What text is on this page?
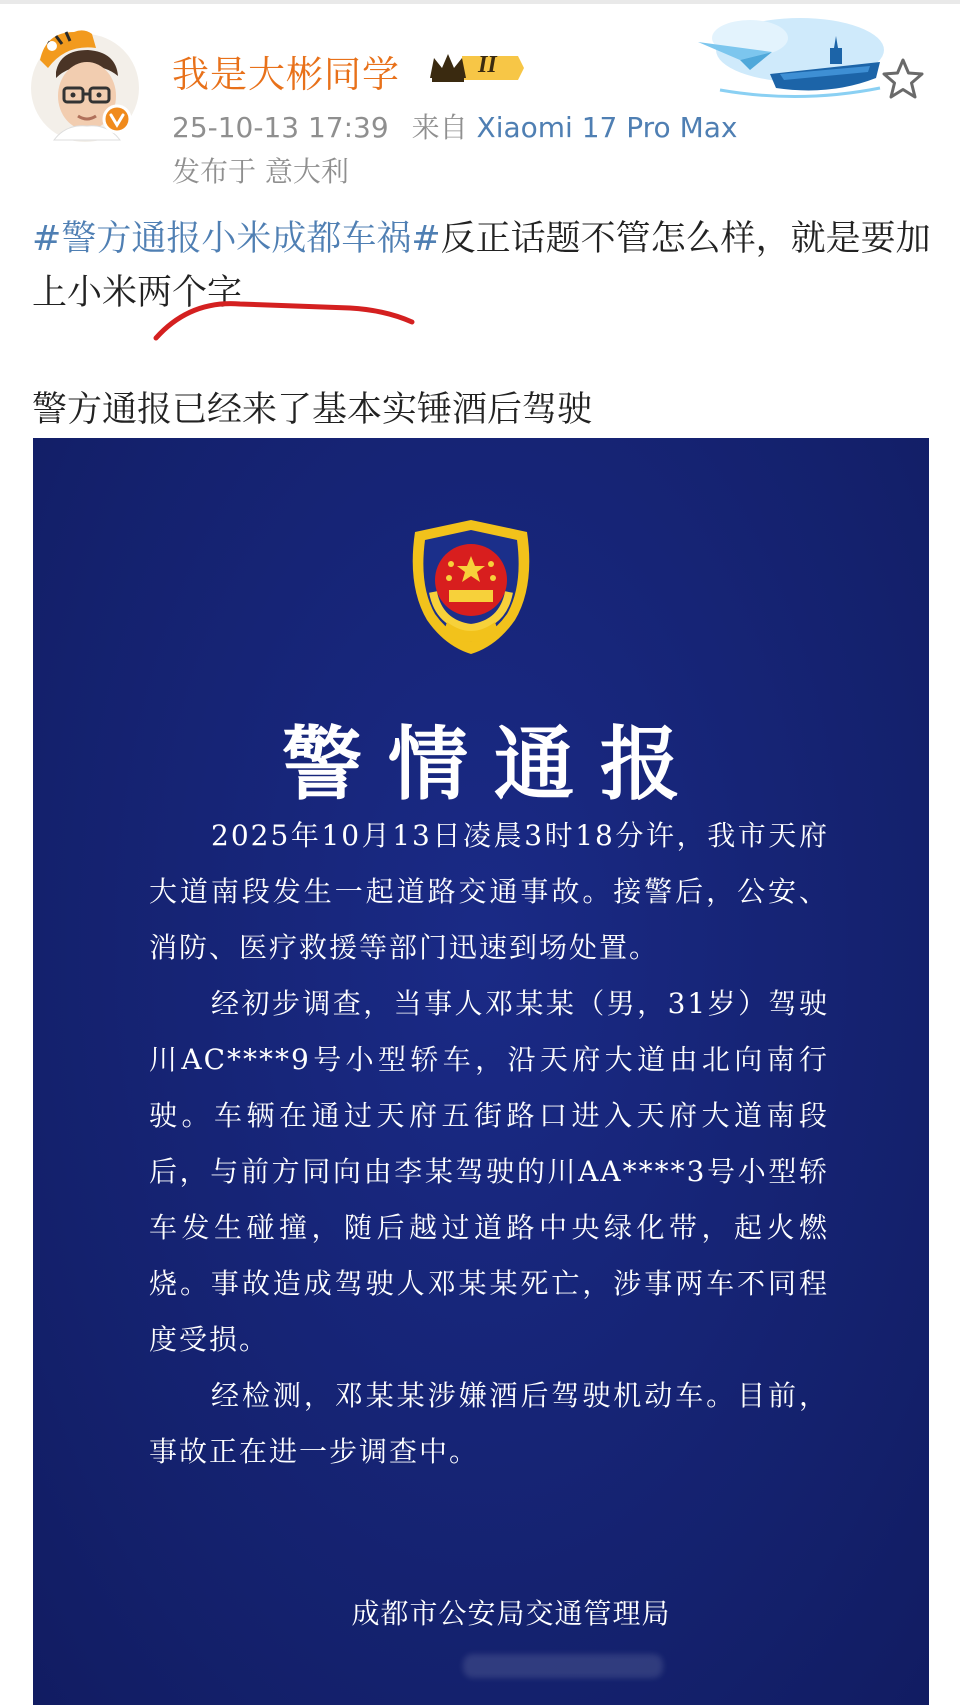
我是大彬同学	II
25-10-13 17:39 来自 Xiaomi 17 Pro Max
发布于 意大利
#警方通报小米成都车祸#反正话题不管怎么样，就是要加上小米两个字
警方通报已经来了基本实锤酒后驾驶
警情通报

2025年10月13日凌晨3时18分许，我市天府大道南段发生一起道路交通事故。接警后，公安、消防、医疗救援等部门迅速到场处置。

经初步调查，当事人邓某某（男，31岁）驾驶川AC****9号小型轿车，沿天府大道由北向南行驶。车辆在通过天府五街路口进入天府大道南段后，与前方同向由李某驾驶的川AA****3号小型轿车发生碰撞，随后越过道路中央绿化带，起火燃烧。事故造成驾驶人邓某某死亡，涉事两车不同程度受损。

经检测，邓某某涉嫌酒后驾驶机动车。目前，事故正在进一步调查中。

成都市公安局交通管理局
